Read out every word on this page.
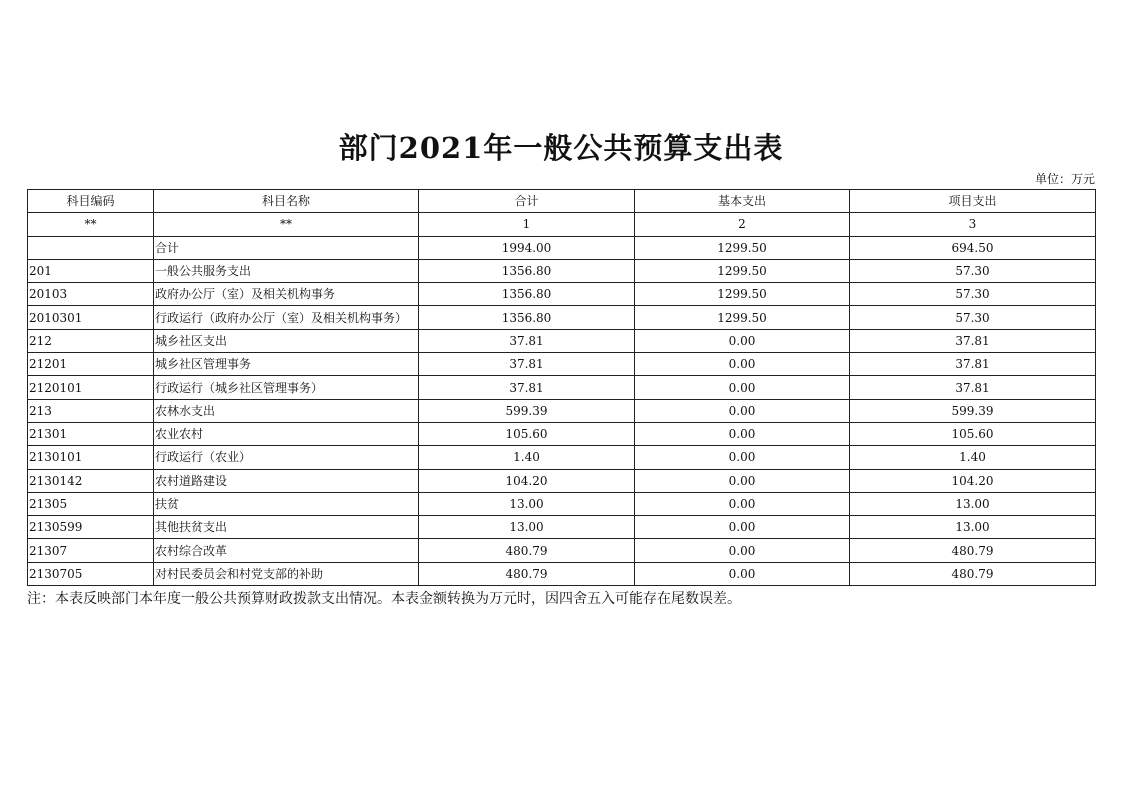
部门2021年一般公共预算支出表
单位：万元
科目编码	科目名称	合计	基本支出	项目支出
**	**	1	2	3
	合计	1994.00	1299.50	694.50
201	一般公共服务支出	1356.80	1299.50	57.30
20103	政府办公厅（室）及相关机构事务	1356.80	1299.50	57.30
2010301	行政运行（政府办公厅（室）及相关机构事务）	1356.80	1299.50	57.30
212	城乡社区支出	37.81	0.00	37.81
21201	城乡社区管理事务	37.81	0.00	37.81
2120101	行政运行（城乡社区管理事务）	37.81	0.00	37.81
213	农林水支出	599.39	0.00	599.39
21301	农业农村	105.60	0.00	105.60
2130101	行政运行（农业）	1.40	0.00	1.40
2130142	农村道路建设	104.20	0.00	104.20
21305	扶贫	13.00	0.00	13.00
2130599	其他扶贫支出	13.00	0.00	13.00
21307	农村综合改革	480.79	0.00	480.79
2130705	对村民委员会和村党支部的补助	480.79	0.00	480.79
注：本表反映部门本年度一般公共预算财政拨款支出情况。本表金额转换为万元时，因四舍五入可能存在尾数误差。
